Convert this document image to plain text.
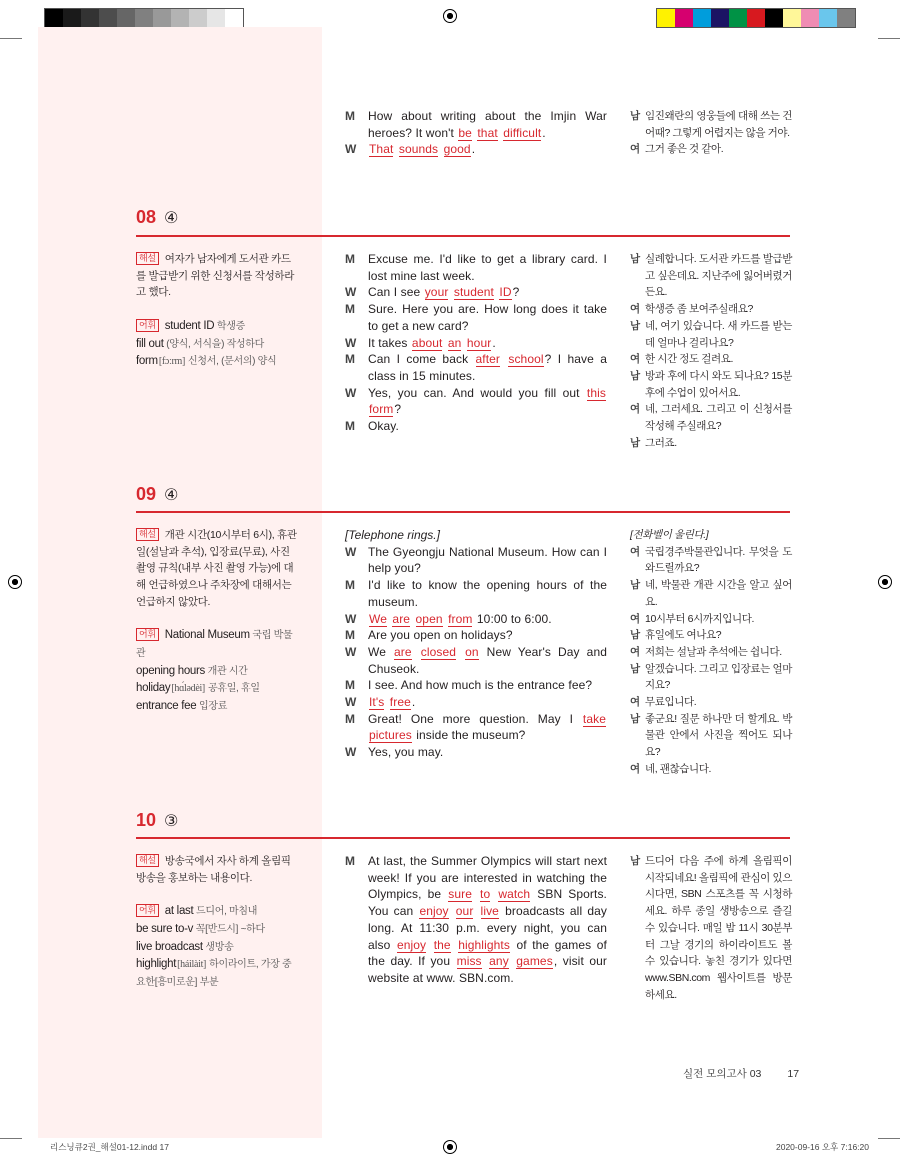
M	How about writing about the Imjin War heroes? It won't be that difficult.
W	That sounds good.
남 임진왜란의 영웅들에 대해 쓰는 건 어때? 그렇게 어렵지는 않을 거야.
여 그거 좋은 것 같아.
08 ④
해설 여자가 남자에게 도서관 카드를 발급받기 위한 신청서를 작성하라고 했다.
어휘 student ID 학생증
fill out (양식, 서식을) 작성하다
form[fɔːrm] 신청서, (문서의) 양식
M	Excuse me. I'd like to get a library card. I lost mine last week.
W Can I see your student ID?
M	Sure. Here you are. How long does it take to get a new card?
W It takes about an hour.
M	Can I come back after school? I have a class in 15 minutes.
W Yes, you can. And would you fill out this form?
M	Okay.
남 실례합니다. 도서관 카드를 발급받고 싶은데요. 지난주에 잃어버렸거든요.
여 학생증 좀 보여주실래요?
남 네, 여기 있습니다. 새 카드를 받는 데 얼마나 걸리나요?
여 한 시간 정도 걸려요.
남 방과 후에 다시 와도 되나요? 15분 후에 수업이 있어서요.
여 네, 그러세요. 그리고 이 신청서를 작성해 주실래요?
남 그러죠.
09 ④
해설 개관 시간(10시부터 6시), 휴관일(설날과 추석), 입장료(무료), 사진 촬영 규칙(내부 사진 촬영 가능)에 대해 언급하였으나 주차장에 대해서는 언급하지 않았다.
어휘 National Museum 국립 박물관
opening hours 개관 시간
holiday[hɑ́lədèi] 공휴일, 휴일
entrance fee 입장료
[Telephone rings.]
W The Gyeongju National Museum. How can I help you?
M	I'd like to know the opening hours of the museum.
W	We are open from 10:00 to 6:00.
M	Are you open on holidays?
W We are closed on New Year's Day and Chuseok.
M	I see. And how much is the entrance fee?
W	It's free.
M	Great! One more question. May I take pictures inside the museum?
W Yes, you may.
[전화벨이 울린다.]
여 국립경주박물관입니다. 무엇을 도와드릴까요?
남 네, 박물관 개관 시간을 알고 싶어요.
여 10시부터 6시까지입니다.
남 휴일에도 여나요?
여 저희는 설날과 추석에는 쉽니다.
남 알겠습니다. 그리고 입장료는 얼마지요?
여 무료입니다.
남 좋군요! 질문 하나만 더 할게요. 박물관 안에서 사진을 찍어도 되나요?
여 네, 괜찮습니다.
10 ③
해설 방송국에서 자사 하계 올림픽 방송을 홍보하는 내용이다.
어휘 at last 드디어, 마침내
be sure to-v 꼭[반드시] ~하다
live broadcast 생방송
highlight[háilàit] 하이라이트, 가장 중요한[흥미로운] 부분
M	At last, the Summer Olympics will start next week! If you are interested in watching the Olympics, be sure to watch SBN Sports. You can enjoy our live broadcasts all day long. At 11:30 p.m. every night, you can also enjoy the highlights of the games of the day. If you miss any games, visit our website at www. SBN.com.
남 드디어 다음 주에 하계 올림픽이 시작되네요! 올림픽에 관심이 있으시다면, SBN 스포츠를 꼭 시청하세요. 하루 종일 생방송으로 즐길 수 있습니다. 매일 밤 11시 30분부터 그날 경기의 하이라이트도 볼 수 있습니다. 놓친 경기가 있다면 www.SBN.com 웹사이트를 방문하세요.
실전 모의고사 03 17
리스닝큐2권_해설01-12.indd 17	2020-09-16 오후 7:16:20
